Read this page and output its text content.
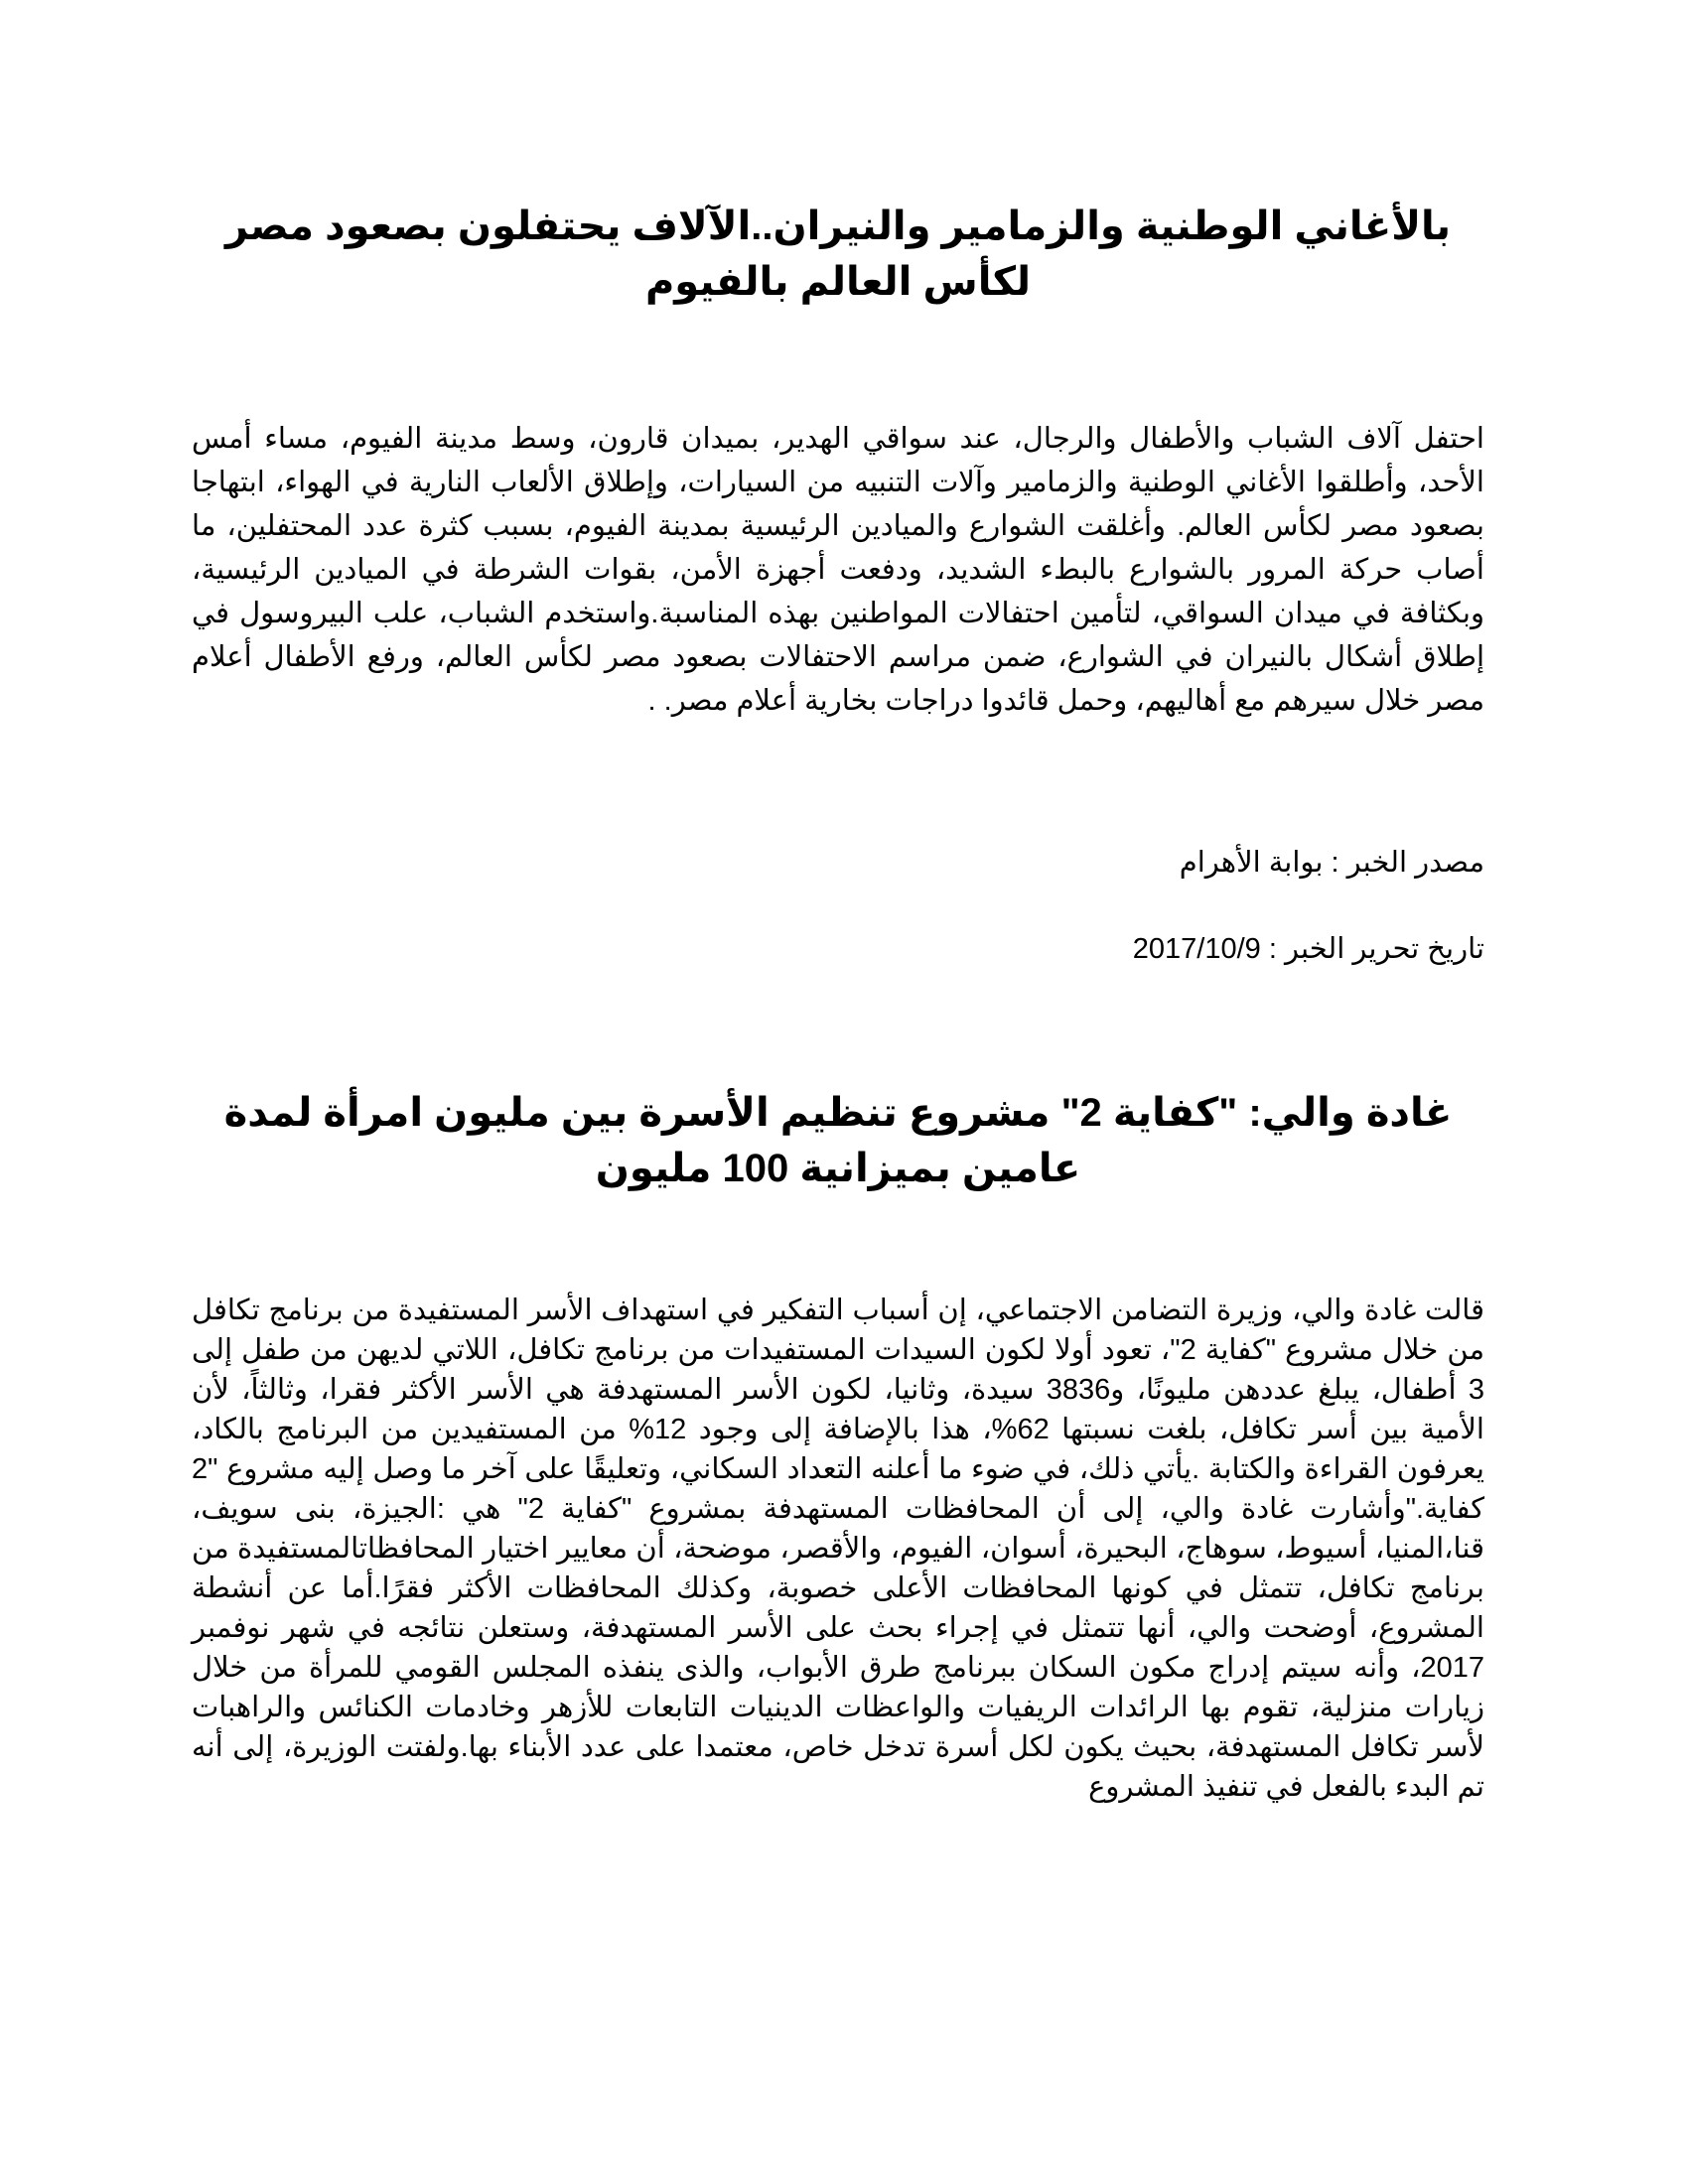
بالأغاني الوطنية والزمامير والنيران..الآلاف يحتفلون بصعود مصر لكأس العالم بالفيوم

احتفل آلاف الشباب والأطفال والرجال، عند سواقي الهدير، بميدان قارون، وسط مدينة الفيوم، مساء أمس الأحد، وأطلقوا الأغاني الوطنية والزمامير وآلات التنبيه من السيارات، وإطلاق الألعاب النارية في الهواء، ابتهاجا بصعود مصر لكأس العالم. وأغلقت الشوارع والميادين الرئيسية بمدينة الفيوم، بسبب كثرة عدد المحتفلين، ما أصاب حركة المرور بالشوارع بالبطء الشديد، ودفعت أجهزة الأمن، بقوات الشرطة في الميادين الرئيسية، وبكثافة في ميدان السواقي، لتأمين احتفالات المواطنين بهذه المناسبة.واستخدم الشباب، علب البيروسول في إطلاق أشكال بالنيران في الشوارع، ضمن مراسم الاحتفالات بصعود مصر لكأس العالم، ورفع الأطفال أعلام مصر خلال سيرهم مع أهاليهم، وحمل قائدوا دراجات بخارية أعلام مصر. .

مصدر الخبر : بوابة الأهرام

تاريخ تحرير الخبر : 2017/10/9

غادة والي: "كفاية 2" مشروع تنظيم الأسرة بين مليون امرأة لمدة عامين بميزانية 100 مليون

قالت غادة والي، وزيرة التضامن الاجتماعي، إن أسباب التفكير في استهداف الأسر المستفيدة من برنامج تكافل من خلال مشروع "كفاية 2"، تعود أولا لكون السيدات المستفيدات من برنامج تكافل، اللاتي لديهن من طفل إلى 3 أطفال، يبلغ عددهن مليونًا، و3836 سيدة، وثانيا، لكون الأسر المستهدفة هي الأسر الأكثر فقرا، وثالثاً، لأن الأمية بين أسر تكافل، بلغت نسبتها 62%، هذا بالإضافة إلى وجود 12% من المستفيدين من البرنامج بالكاد، يعرفون القراءة والكتابة .يأتي ذلك، في ضوء ما أعلنه التعداد السكاني، وتعليقًا على آخر ما وصل إليه مشروع "2 كفاية."وأشارت غادة والي، إلى أن المحافظات المستهدفة بمشروع "كفاية 2" هي :الجيزة، بنى سويف، قنا،المنيا، أسيوط، سوهاج، البحيرة، أسوان، الفيوم، والأقصر، موضحة، أن معايير اختيار المحافظاتالمستفيدة من برنامج تكافل، تتمثل في كونها المحافظات الأعلى خصوبة، وكذلك المحافظات الأكثر فقرًا.أما عن أنشطة المشروع، أوضحت والي، أنها تتمثل في إجراء بحث على الأسر المستهدفة، وستعلن نتائجه في شهر نوفمبر 2017، وأنه سيتم إدراج مكون السكان ببرنامج طرق الأبواب، والذى ينفذه المجلس القومي للمرأة من خلال زيارات منزلية، تقوم بها الرائدات الريفيات والواعظات الدينيات التابعات للأزهر وخادمات الكنائس والراهبات لأسر تكافل المستهدفة، بحيث يكون لكل أسرة تدخل خاص، معتمدا على عدد الأبناء بها.ولفتت الوزيرة، إلى أنه تم البدء بالفعل في تنفيذ المشروع
